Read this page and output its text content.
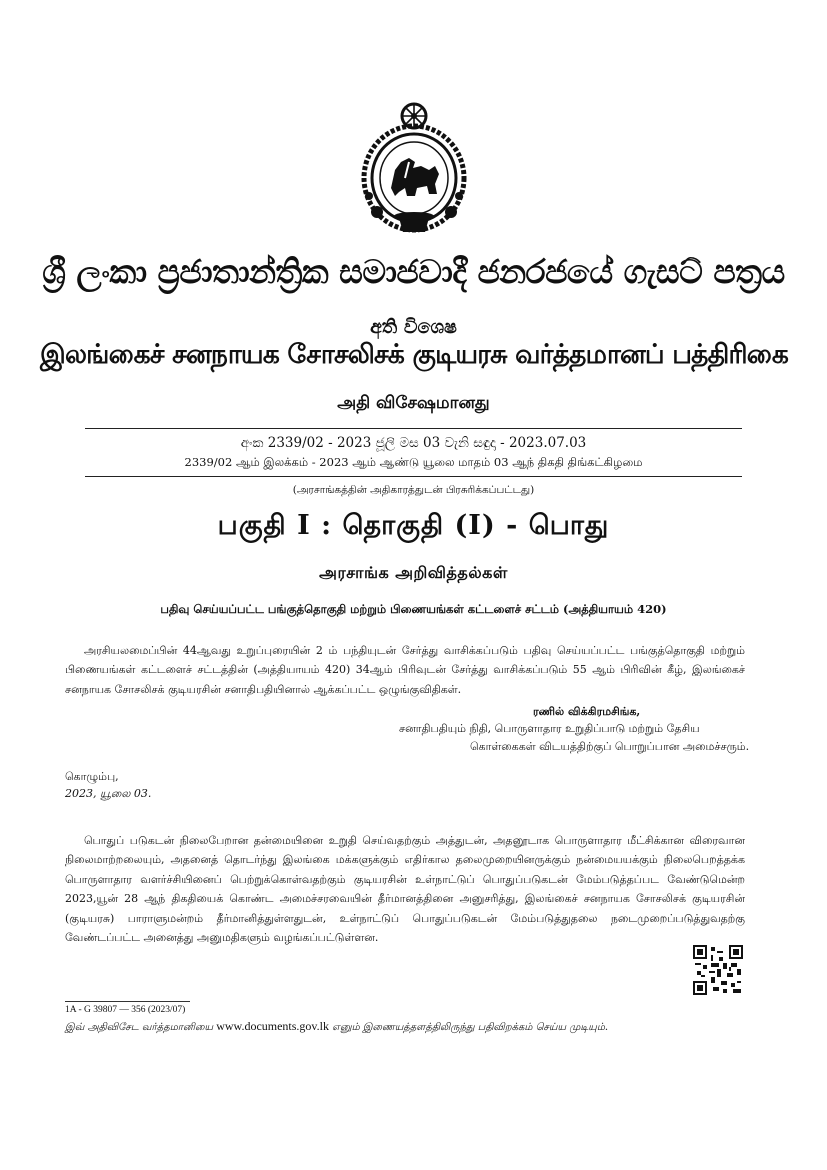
ශ්‍රී ලංකා ප්‍රජාතාන්ත්‍රික සමාජවාදී ජනරජයේ ගැසට් පත්‍රය
අති විශෙෂ
இலங்கைச் சனநாயக சோசலிசக் குடியரசு வர்த்தமானப் பத்திரிகை
அதி விசேஷமானது
අංක 2339/02 - 2023 ජූලි මස 03 වැනි සඳුදා - 2023.07.03
2339/02 ஆம் இலக்கம் - 2023 ஆம் ஆண்டு யூலை மாதம் 03 ஆந் திகதி திங்கட்கிழமை
(அரசாங்கத்தின் அதிகாரத்துடன் பிரசுரிக்கப்பட்டது)
பகுதி I : தொகுதி (I) - பொது
அரசாங்க அறிவித்தல்கள்
பதிவு செய்யப்பட்ட பங்குத்தொகுதி மற்றும் பிணையங்கள் கட்டளைச் சட்டம் (அத்தியாயம் 420)

அரசியலமைப்பின் 44ஆவது உறுப்புரையின் 2 ம் பந்தியுடன் சேர்த்து வாசிக்கப்படும் பதிவு செய்யப்பட்ட பங்குத்தொகுதி மற்றும் பிணையங்கள் கட்டளைச் சட்டத்தின் (அத்தியாயம் 420) 34ஆம் பிரிவுடன் சேர்த்து வாசிக்கப்படும் 55 ஆம் பிரிவின் கீழ், இலங்கைச் சனநாயக சோசலிசக் குடியரசின் சனாதிபதியினால் ஆக்கப்பட்ட ஒழுங்குவிதிகள்.

ரணில் விக்கிரமசிங்க,
சனாதிபதியும் நிதி, பொருளாதார உறுதிப்பாடு மற்றும் தேசிய
கொள்கைகள் விடயத்திற்குப் பொறுப்பான அமைச்சரும்.
கொழும்பு,
2023, யூலை 03.

பொதுப் படுகடன் நிலைபேறான தன்மையினை உறுதி செய்வதற்கும் அத்துடன், அதனூடாக பொருளாதார மீட்சிக்கான விரைவான நிலைமாற்றலையும், அதனைத் தொடர்ந்து இலங்கை மக்களுக்கும் எதிர்கால தலைமுறையினருக்கும் நன்மையயக்கும் நிலைபெறத்தக்க பொருளாதார வளர்ச்சியினைப் பெற்றுக்கொள்வதற்கும் குடியரசின் உள்நாட்டுப் பொதுப்படுகடன் மேம்படுத்தப்பட வேண்டுமென்ற 2023,யூன் 28 ஆந் திகதியைக் கொண்ட அமைச்சரவையின் தீர்மானத்தினை அனுசரித்து, இலங்கைச் சனநாயக சோசலிசக் குடியரசின் (குடியரசு) பாராளுமன்றம் தீர்மானித்துள்ளதுடன், உள்நாட்டுப் பொதுப்படுகடன் மேம்படுத்துதலை நடைமுறைப்படுத்துவதற்கு வேண்டப்பட்ட அனைத்து அனுமதிகளும் வழங்கப்பட்டுள்ளன.

1A - G 39807 — 356 (2023/07)
இவ் அதிவிசேட வர்த்தமானியை www.documents.gov.lk எனும் இணையத்தளத்திலிருந்து பதிவிறக்கம் செய்ய முடியும்.
